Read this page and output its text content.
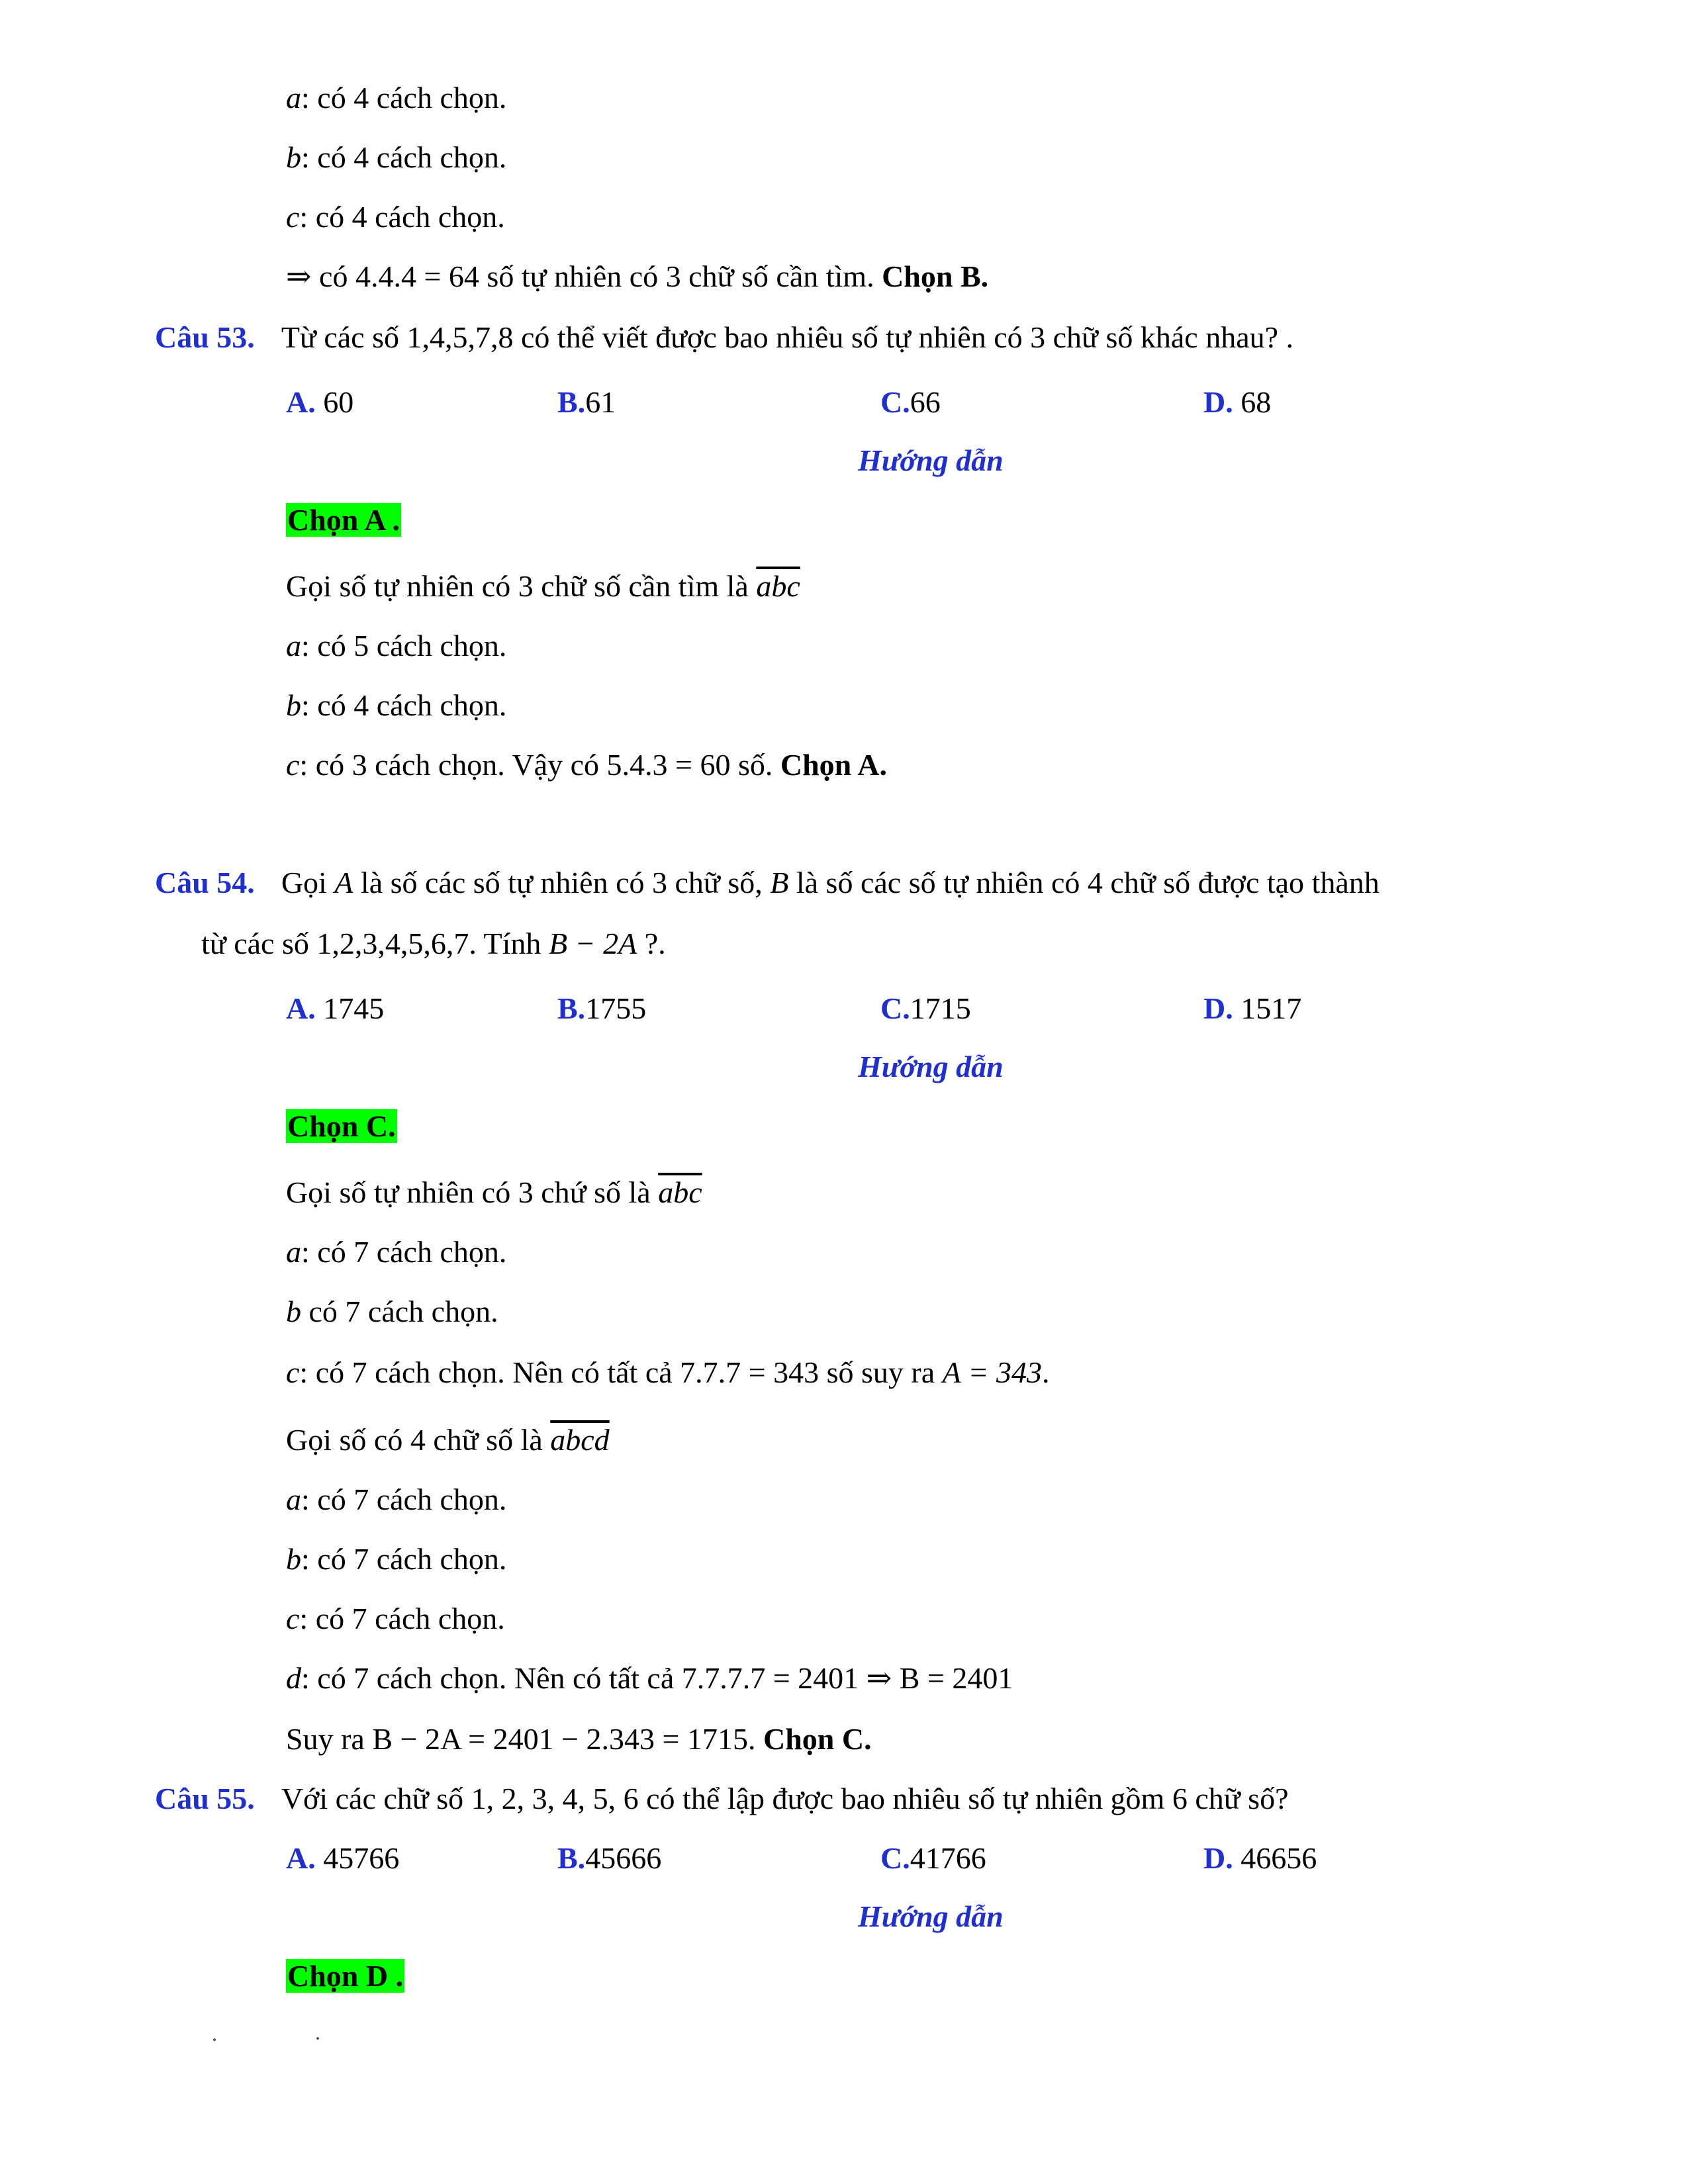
a: có 4 cách chọn.
b: có 4 cách chọn.
c: có 4 cách chọn.
⇒ có 4.4.4 = 64 số tự nhiên có 3 chữ số cần tìm. Chọn B.
Câu 53. Từ các số 1,4,5,7,8 có thể viết được bao nhiêu số tự nhiên có 3 chữ số khác nhau? .
A. 60	B.61	C.66	D. 68
Hướng dẫn
Chọn A .
Gọi số tự nhiên có 3 chữ số cần tìm là $\overline{abc}$
a: có 5 cách chọn.
b: có 4 cách chọn.
c: có 3 cách chọn. Vậy có 5.4.3 = 60 số. Chọn A.
Câu 54. Gọi A là số các số tự nhiên có 3 chữ số, B là số các số tự nhiên có 4 chữ số được tạo thành
từ các số 1,2,3,4,5,6,7. Tính B − 2A ?.
A. 1745	B.1755	C.1715	D. 1517
Hướng dẫn
Chọn C.
Gọi số tự nhiên có 3 chứ số là $\overline{abc}$
a: có 7 cách chọn.
b có 7 cách chọn.
c: có 7 cách chọn. Nên có tất cả 7.7.7 = 343 số suy ra A = 343.
Gọi số có 4 chữ số là abcd
a: có 7 cách chọn.
b: có 7 cách chọn.
c: có 7 cách chọn.
d: có 7 cách chọn. Nên có tất cả 7.7.7.7 = 2401 ⇒ B = 2401
Suy ra B − 2A = 2401 − 2.343 = 1715. Chọn C.
Câu 55. Với các chữ số 1, 2, 3, 4, 5, 6 có thể lập được bao nhiêu số tự nhiên gồm 6 chữ số?
A. 45766	B.45666	C.41766	D. 46656
Hướng dẫn
Chọn D .
